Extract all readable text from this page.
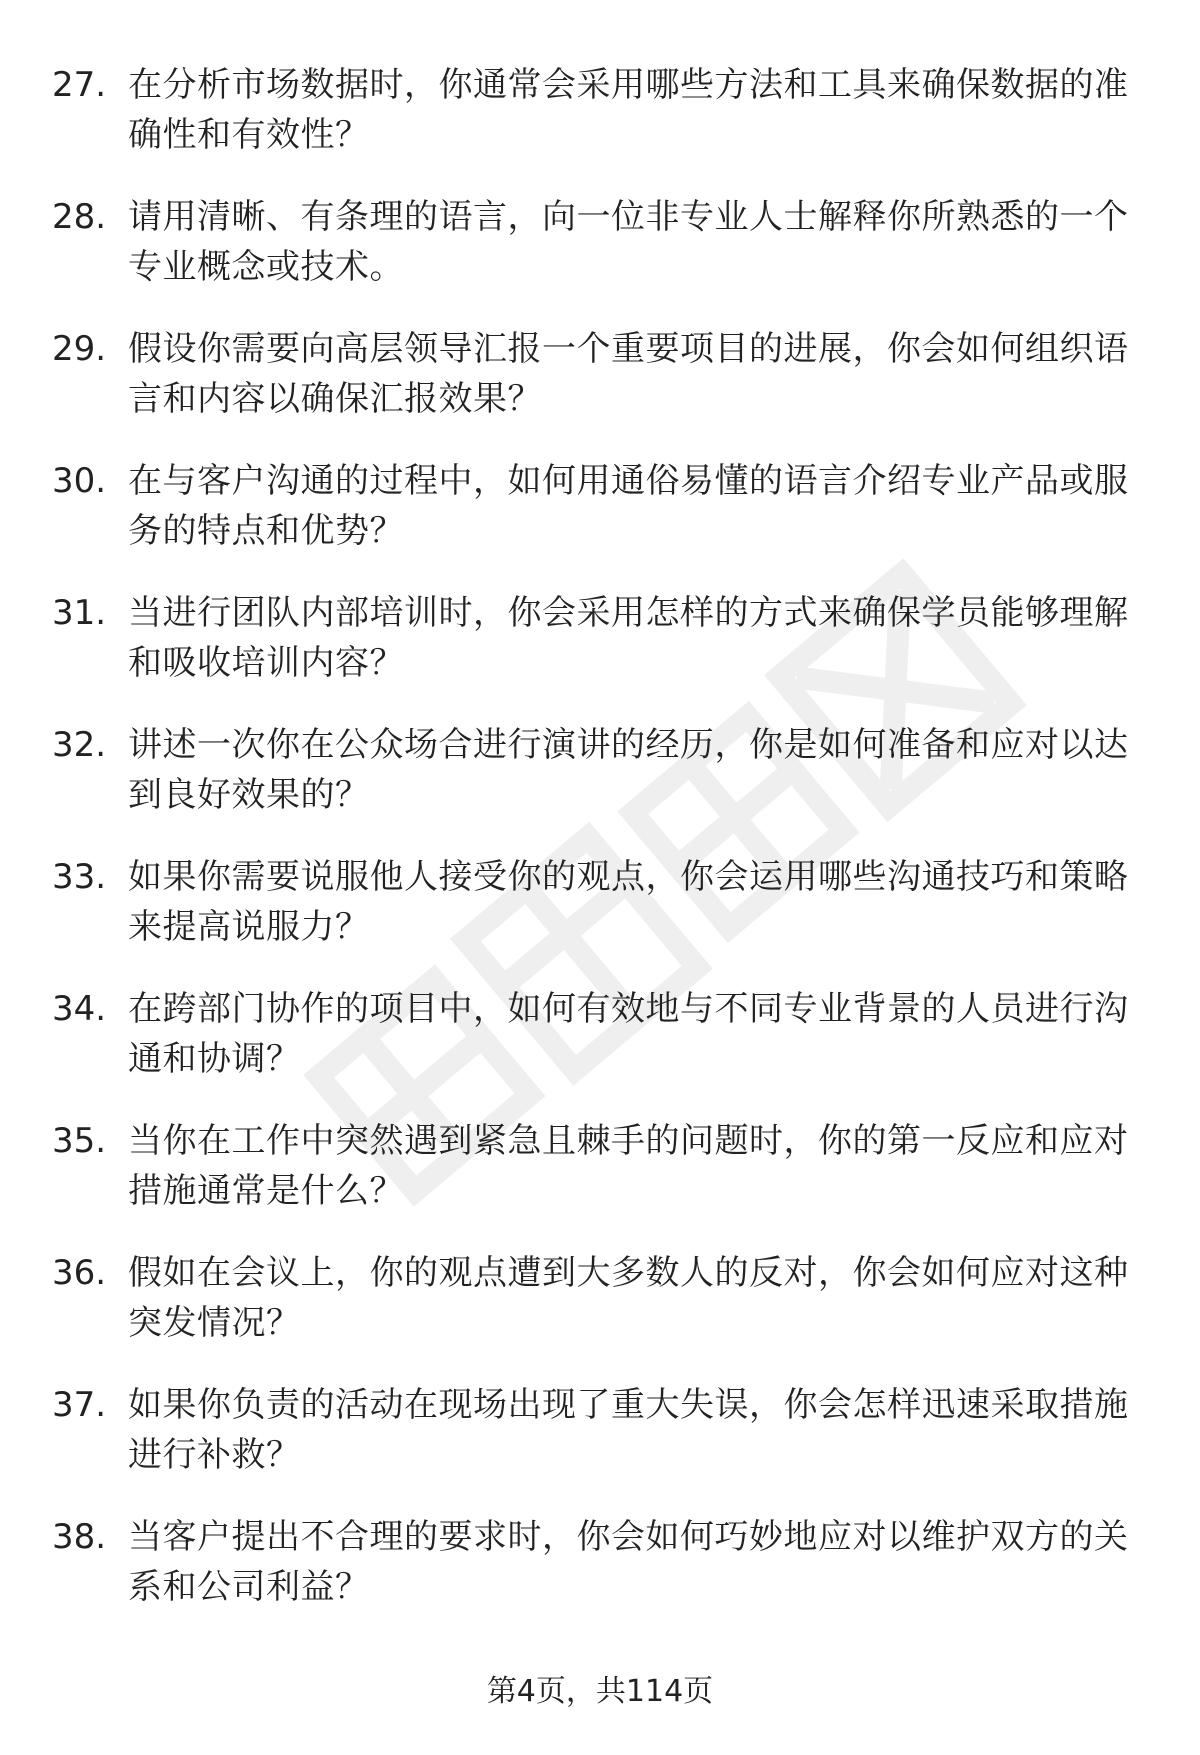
27. 在分析市场数据时，你通常会采用哪些方法和工具来确保数据的准确性和有效性？
28. 请用清晰、有条理的语言，向一位非专业人士解释你所熟悉的一个专业概念或技术。
29. 假设你需要向高层领导汇报一个重要项目的进展，你会如何组织语言和内容以确保汇报效果？
30. 在与客户沟通的过程中，如何用通俗易懂的语言介绍专业产品或服务的特点和优势？
31. 当进行团队内部培训时，你会采用怎样的方式来确保学员能够理解和吸收培训内容？
32. 讲述一次你在公众场合进行演讲的经历，你是如何准备和应对以达到良好效果的？
33. 如果你需要说服他人接受你的观点，你会运用哪些沟通技巧和策略来提高说服力？
34. 在跨部门协作的项目中，如何有效地与不同专业背景的人员进行沟通和协调？
35. 当你在工作中突然遇到紧急且棘手的问题时，你的第一反应和应对措施通常是什么？
36. 假如在会议上，你的观点遭到大多数人的反对，你会如何应对这种突发情况？
37. 如果你负责的活动在现场出现了重大失误，你会怎样迅速采取措施进行补救？
38. 当客户提出不合理的要求时，你会如何巧妙地应对以维护双方的关系和公司利益？
第4页，共114页
